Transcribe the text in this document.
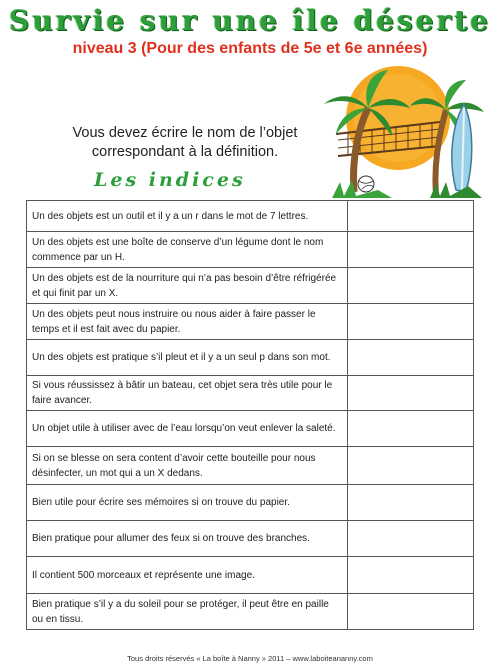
Survie sur une île déserte
niveau 3 (Pour des enfants de 5e et 6e années)
Vous devez écrire le nom de l’objet
correspondant à la définition.
Les indices
Un des objets est un outil et il y a un r dans le mot de 7 lettres.	
Un des objets est une boîte de conserve d’un légume dont le nom commence par un H.	
Un des objets est de la nourriture qui n’a pas besoin d’être réfrigérée et qui finit par un X.	
Un des objets peut nous instruire ou nous aider à faire passer le temps et il est fait avec du papier.	
Un des objets est pratique s’il pleut et il y a un seul p dans son mot.	
Si vous réussissez à bâtir un bateau, cet objet sera très utile pour le faire avancer.	
Un objet utile à utiliser avec de l’eau lorsqu’on veut enlever la saleté.	
Si on se blesse on sera content d’avoir cette bouteille pour nous désinfecter, un mot qui a un X dedans.	
Bien utile pour écrire ses mémoires si on trouve du papier.	
Bien pratique pour allumer des feux si on trouve des branches.	
Il contient 500 morceaux et représente une image.	
Bien pratique s’il y a du soleil pour se protéger, il peut être en paille ou en tissu.	
Tous droits réservés « La boîte à Nanny » 2011 – www.laboiteananny.com
